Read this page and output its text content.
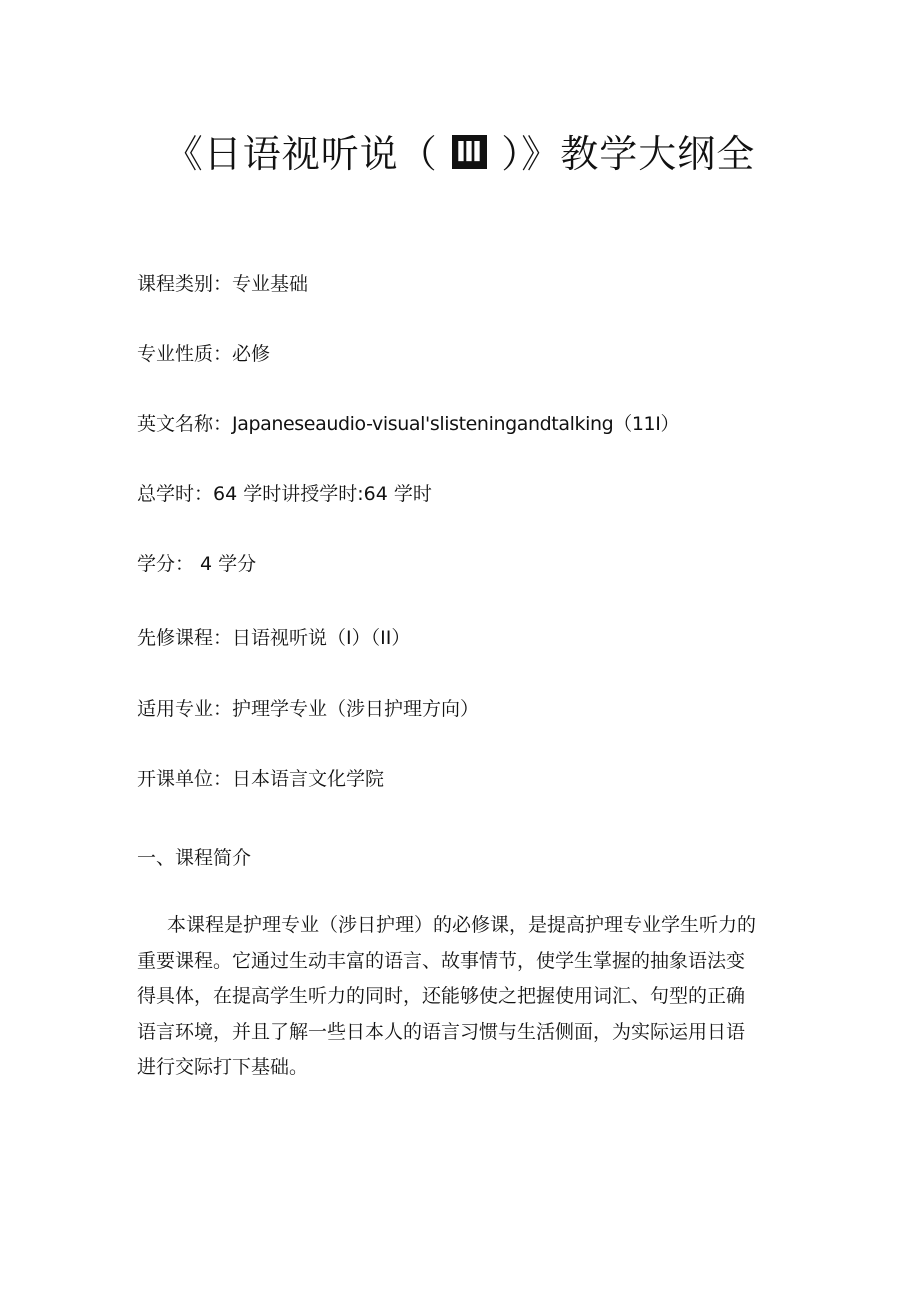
《日语视听说（ Ⅲ ）》教学大纲全
课程类别：专业基础
专业性质：必修
英文名称：Japaneseaudio-visual'slisteningandtalking（11I）
总学时：64 学时讲授学时:64 学时
学分： 4 学分
先修课程：日语视听说（I）（II）
适用专业：护理学专业（涉日护理方向）
开课单位：日本语言文化学院
一、课程简介

本课程是护理专业（涉日护理）的必修课，是提高护理专业学生听力的
重要课程。它通过生动丰富的语言、故事情节，使学生掌握的抽象语法变
得具体，在提高学生听力的同时，还能够使之把握使用词汇、句型的正确
语言环境，并且了解一些日本人的语言习惯与生活侧面，为实际运用日语
进行交际打下基础。
